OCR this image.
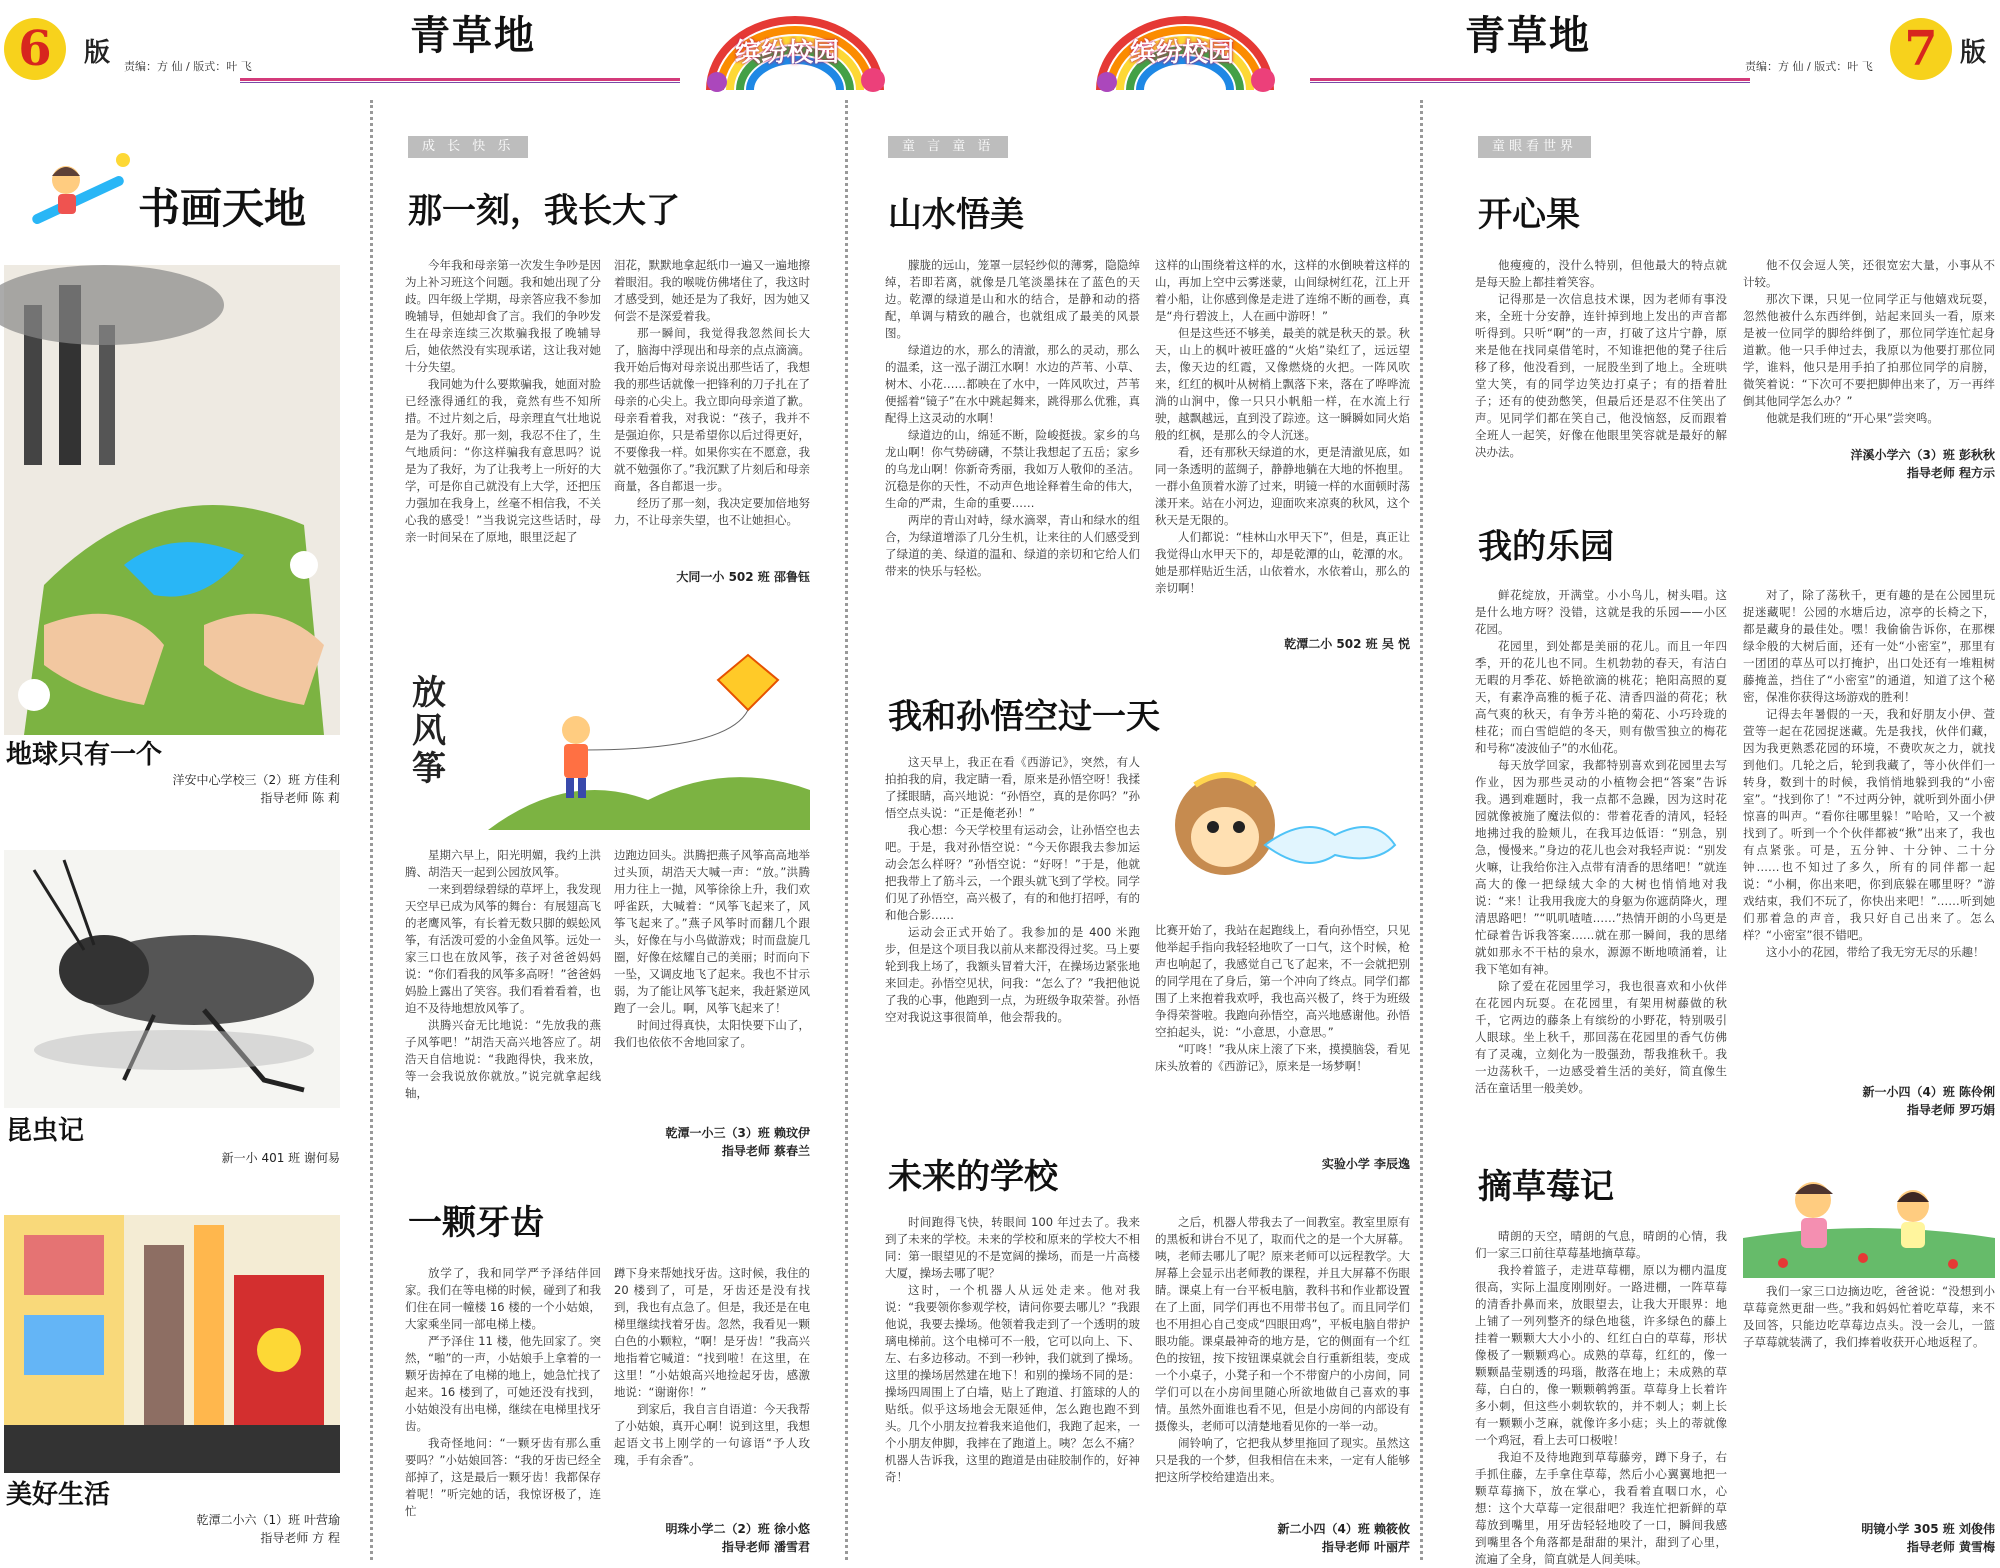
6	版 责编：方 仙 / 版式：叶 飞
青草地	缤纷校园	缤纷校园	青草地
责编：方 仙 / 版式：叶 飞 7 版
书画天地
地球只有一个
洋安中心学校三（2）班 方佳利
指导老师 陈 莉
昆虫记
新一小 401 班 谢何易
美好生活
乾潭二小六（1）班 叶营瑜
指导老师 方 程
成 长 快 乐
那一刻，我长大了

今年我和母亲第一次发生争吵是因为上补习班这个问题。我和她出现了分歧。四年级上学期，母亲答应我不参加晚辅导，但她却食了言。我们的争吵发生在母亲连续三次欺骗我报了晚辅导后，她依然没有实现承诺，这让我对她十分失望。

我同她为什么要欺骗我，她面对脸已经涨得通红的我，竟然有些不知所措。不过片刻之后，母亲理直气壮地说是为了我好。那一刻，我忍不住了，生气地质问：“你这样骗我有意思吗？说是为了我好，为了让我考上一所好的大学，可是你自己就没有上大学，还把压力强加在我身上，丝毫不相信我，不关心我的感受！”当我说完这些话时，母亲一时间呆在了原地，眼里泛起了

泪花，默默地拿起纸巾一遍又一遍地擦着眼泪。我的喉咙仿佛堵住了，我这时才感受到，她还是为了我好，因为她又何尝不是深爱着我。

那一瞬间，我觉得我忽然间长大了，脑海中浮现出和母亲的点点滴滴。我开始后悔对母亲说出那些话了，我想我的那些话就像一把锋利的刀子扎在了母亲的心尖上。我立即向母亲道了歉。母亲看着我，对我说：“孩子，我并不是强迫你，只是希望你以后过得更好，不要像我一样。如果你实在不愿意，我就不勉强你了。”我沉默了片刻后和母亲商量，各自都退一步。

经历了那一刻，我决定要加倍地努力，不让母亲失望，也不让她担心。

大同一小 502 班 邵鲁钰
放风筝

星期六早上，阳光明媚，我约上洪腾、胡浩天一起到公园放风筝。

一来到碧绿碧绿的草坪上，我发现天空早已成为风筝的舞台：有展翅高飞的老鹰风筝，有长着无数只脚的蜈蚣风筝，有活泼可爱的小金鱼风筝。远处一家三口也在放风筝，孩子对爸爸妈妈说：“你们看我的风筝多高呀！”爸爸妈妈脸上露出了笑容。我们看着看着，也迫不及待地想放风筝了。

洪腾兴奋无比地说：“先放我的燕子风筝吧！”胡浩天高兴地答应了。胡浩天自信地说：“我跑得快，我来放，等一会我说放你就放。”说完就拿起线轴，

边跑边回头。洪腾把燕子风筝高高地举过头顶，胡浩天大喊一声：“放。”洪腾用力往上一抛，风筝徐徐上升，我们欢呼雀跃，大喊着：“风筝飞起来了，风筝飞起来了。”燕子风筝时而翻几个跟头，好像在与小鸟做游戏；时而盘旋几圈，好像在炫耀自己的美丽；时而向下一坠，又调皮地飞了起来。我也不甘示弱，为了能让风筝飞起来，我赶紧逆风跑了一会儿。啊，风筝飞起来了！

时间过得真快，太阳快要下山了，我们也依依不舍地回家了。

乾潭一小三（3）班 赖玟伊
指导老师 蔡春兰
一颗牙齿

放学了，我和同学严予泽结伴回家。我们在等电梯的时候，碰到了和我们住在同一幢楼 16 楼的一个小姑娘，大家乘坐同一部电梯上楼。

严予泽住 11 楼，他先回家了。突然，“啪”的一声，小姑娘手上拿着的一颗牙齿掉在了电梯的地上，她急忙找了起来。16 楼到了，可她还没有找到，小姑娘没有出电梯，继续在电梯里找牙齿。

我奇怪地问：“一颗牙齿有那么重要吗？”小姑娘回答：“我的牙齿已经全部掉了，这是最后一颗牙齿！我都保存着呢！”听完她的话，我惊讶极了，连忙

蹲下身来帮她找牙齿。这时候，我住的 20 楼到了，可是，牙齿还是没有找到，我也有点急了。但是，我还是在电梯里继续找着牙齿。忽然，我看见一颗白色的小颗粒，“啊！是牙齿！”我高兴地指着它喊道：“找到啦！在这里，在这里！”小姑娘高兴地捡起牙齿，感激地说：“谢谢你！”

到家后，我自言自语道：今天我帮了小姑娘，真开心啊！说到这里，我想起语文书上刚学的一句谚语“予人玫瑰，手有余香”。

明珠小学二（2）班 徐小悠
指导老师 潘雪君
童 言 童 语
山水悟美

朦胧的远山，笼罩一层轻纱似的薄雾，隐隐绰绰，若即若离，就像是几笔淡墨抹在了蓝色的天边。乾潭的绿道是山和水的结合，是静和动的搭配，单调与精致的融合，也就组成了最美的风景图。

绿道边的水，那么的清澈，那么的灵动，那么的温柔，这一泓子湖江水啊！水边的芦苇、小草、树木、小花……都映在了水中，一阵风吹过，芦苇便摇着“镜子”在水中跳起舞来，跳得那么优雅，真配得上这灵动的水啊！

绿道边的山，绵延不断，险峻挺拔。家乡的乌龙山啊！你气势磅礴，不禁让我想起了五岳；家乡的乌龙山啊！你新奇秀丽，我如万人敬仰的圣洁。沉稳是你的天性，不动声色地诠释着生命的伟大，生命的严肃，生命的重要……

两岸的青山对峙，绿水滴翠，青山和绿水的组合，为绿道增添了几分生机，让来往的人们感受到了绿道的美、绿道的温和、绿道的亲切和它给人们带来的快乐与轻松。

这样的山围绕着这样的水，这样的水倒映着这样的山，再加上空中云雾迷蒙，山间绿树红花，江上开着小船，让你感到像是走进了连绵不断的画卷，真是“舟行碧波上，人在画中游呀！”

但是这些还不够美，最美的就是秋天的景。秋天，山上的枫叶被旺盛的“火焰”染红了，远远望去，像天边的红霞，又像燃烧的火把。一阵风吹来，红红的枫叶从树梢上飘落下来，落在了哗哗流淌的山涧中，像一只只小帆船一样，在水流上行驶，越飘越远，直到没了踪迹。这一瞬瞬如同火焰般的红枫，是那么的令人沉迷。

看，还有那秋天绿道的水，更是清澈见底，如同一条透明的蓝绸子，静静地躺在大地的怀抱里。一群小鱼顶着水游了过来，明镜一样的水面顿时荡漾开来。站在小河边，迎面吹来凉爽的秋风，这个秋天是无限的。

人们都说：“桂林山水甲天下”，但是，真正让我觉得山水甲天下的，却是乾潭的山，乾潭的水。她是那样贴近生活，山依着水，水依着山，那么的亲切啊！

乾潭二小 502 班 吴 悦
我和孙悟空过一天

这天早上，我正在看《西游记》，突然，有人拍拍我的肩，我定睛一看，原来是孙悟空呀！我揉了揉眼睛，高兴地说：“孙悟空，真的是你吗？”孙悟空点头说：“正是俺老孙！”

我心想：今天学校里有运动会，让孙悟空也去吧。于是，我对孙悟空说：“今天你跟我去参加运动会怎么样呀？”孙悟空说：“好呀！”于是，他就把我带上了筋斗云，一个跟头就飞到了学校。同学们见了孙悟空，高兴极了，有的和他打招呼，有的和他合影……

运动会正式开始了。我参加的是 400 米跑步，但是这个项目我以前从来都没得过奖。马上要轮到我上场了，我额头冒着大汗，在操场边紧张地来回走。孙悟空见状，问我：“怎么了？”我把他说了我的心事，他跑到一点，为班级争取荣誉。孙悟空对我说这事很简单，他会帮我的。

比赛开始了，我站在起跑线上，看向孙悟空，只见他举起手指向我轻轻地吹了一口气，这个时候，枪声也响起了，我感觉自己飞了起来，不一会就把别的同学甩在了身后，第一个冲向了终点。同学们都围了上来抱着我欢呼，我也高兴极了，终于为班级争得荣誉啦。我跑向孙悟空，高兴地感谢他。孙悟空拍起头，说：“小意思，小意思。”

“叮咚！”我从床上滚了下来，摸摸脑袋，看见床头放着的《西游记》，原来是一场梦啊！

实验小学 李辰逸
未来的学校

时间跑得飞快，转眼间 100 年过去了。我来到了未来的学校。未来的学校和原来的学校大不相同：第一眼望见的不是宽阔的操场，而是一片高楼大厦，操场去哪了呢？

这时，一个机器人从远处走来。他对我说：“我要领你参观学校，请问你要去哪儿？”我跟他说，我要去操场。他领着我走到了一个透明的玻璃电梯前。这个电梯可不一般，它可以向上、下、左、右多边移动。不到一秒钟，我们就到了操场。这里的操场居然建在地下！和别的操场不同的是：操场四周围上了白墙，贴上了跑道、打篮球的人的贴纸。似乎这场地会无限延伸，怎么跑也跑不到头。几个小朋友拉着我来追他们，我跑了起来，一个小朋友伸脚，我摔在了跑道上。咦？怎么不痛？机器人告诉我，这里的跑道是由硅胶制作的，好神奇！

之后，机器人带我去了一间教室。教室里原有的黑板和讲台不见了，取而代之的是一个大屏幕。咦，老师去哪儿了呢？原来老师可以远程教学。大屏幕上会显示出老师教的课程，并且大屏幕不伤眼睛。课桌上有一台平板电脑，教科书和作业都设置在了上面，同学们再也不用带书包了。而且同学们也不用担心自己变成“四眼田鸡”，平板电脑自带护眼功能。课桌最神奇的地方是，它的侧面有一个红色的按钮，按下按钮课桌就会自行重新组装，变成一个小桌子，小凳子和一个不带窗户的小房间，同学们可以在小房间里随心所欲地做自己喜欢的事情。虽然外面谁也看不见，但是小房间的内部设有摄像头，老师可以清楚地看见你的一举一动。

闹铃响了，它把我从梦里拖回了现实。虽然这只是我的一个梦，但我相信在未来，一定有人能够把这所学校给建造出来。

新二小四（4）班 赖筱攸
指导老师 叶丽芹
童眼看世界
开心果

他瘦瘦的，没什么特别，但他最大的特点就是每天脸上都挂着笑容。

记得那是一次信息技术课，因为老师有事没来，全班十分安静，连针掉到地上发出的声音都听得到。只听“啊”的一声，打破了这片宁静，原来是他在找同桌借笔时，不知谁把他的凳子往后移了移，他没看到，一屁股坐到了地上。全班哄堂大笑，有的同学边笑边打桌子；有的捂着肚子；还有的使劲憋笑，但最后还是忍不住笑出了声。见同学们都在笑自己，他没恼怒，反而跟着全班人一起笑，好像在他眼里笑容就是最好的解决办法。

他不仅会逗人笑，还很宽宏大量，小事从不计较。

那次下课，只见一位同学正与他嬉戏玩耍，忽然他被什么东西绊倒，站起来回头一看，原来是被一位同学的脚给绊倒了，那位同学连忙起身道歉。他一只手伸过去，我原以为他要打那位同学，谁料，他只是用手拍了拍那位同学的肩膀，微笑着说：“下次可不要把脚伸出来了，万一再绊倒其他同学怎么办？”

他就是我们班的“开心果”尝突鸣。

洋溪小学六（3）班 彭秋秋
指导老师 程方示
我的乐园

鲜花绽放，开满堂。小小鸟儿，树头唱。这是什么地方呀？没错，这就是我的乐园——小区花园。

花园里，到处都是美丽的花儿。而且一年四季，开的花儿也不同。生机勃勃的春天，有洁白无暇的月季花、娇艳欲滴的桃花；艳阳高照的夏天，有素净高雅的栀子花、清香四溢的荷花；秋高气爽的秋天，有争芳斗艳的菊花、小巧玲珑的桂花；而白雪皑皑的冬天，则有傲雪独立的梅花和号称“凌波仙子”的水仙花。

每天放学回家，我都特别喜欢到花园里去写作业，因为那些灵动的小植物会把“答案”告诉我。遇到难题时，我一点都不急躁，因为这时花园就像被施了魔法似的：带着花香的清风，轻轻地拂过我的脸颊儿，在我耳边低语：“别急，别急，慢慢来。”身边的花儿也会对我轻声说：“别发火嘛，让我给你注入点带有清香的思绪吧！”就连高大的像一把绿绒大伞的大树也悄悄地对我说：“来！让我用我庞大的身躯为你遮荫降火，理清思路吧！”“叽叽喳喳……”热情开朗的小鸟更是忙碌着告诉我答案……就在那一瞬间，我的思绪就如那永不干枯的泉水，源源不断地喷涌着，让我下笔如有神。

除了爱在花园里学习，我也很喜欢和小伙伴在花园内玩耍。在花园里，有架用树藤做的秋千，它两边的藤条上有缤纷的小野花，特别吸引人眼球。坐上秋千，那回荡在花园里的香气仿佛有了灵魂，立刻化为一股强劲，帮我推秋千。我一边荡秋千，一边感受着生活的美好，简直像生活在童话里一般美妙。

对了，除了荡秋千，更有趣的是在公园里玩捉迷藏呢！公园的水塘后边，凉亭的长椅之下，都是藏身的最佳处。嘿！我偷偷告诉你，在那棵绿伞般的大树后面，还有一处“小密室”，那里有一团团的草丛可以打掩护，出口处还有一堆粗树藤掩盖，挡住了“小密室”的通道，知道了这个秘密，保准你获得这场游戏的胜利！

记得去年暑假的一天，我和好朋友小伊、萱萱等一起在花园捉迷藏。先是我找，伙伴们藏，因为我更熟悉花园的环境，不费吹灰之力，就找到他们。几轮之后，轮到我藏了，等小伙伴们一转身，数到十的时候，我悄悄地躲到我的“小密室”。“找到你了！”不过两分钟，就听到外面小伊惊喜的叫声。“看你往哪里躲！”哈哈，又一个被找到了。听到一个个伙伴都被“揪”出来了，我也有点紧张。可是，五分钟、十分钟、二十分钟……也不知过了多久，所有的同伴都一起说：“小桐，你出来吧，你到底躲在哪里呀？”游戏结束，我们不玩了，你快出来吧！”……听到她们那着急的声音，我只好自己出来了。怎么样？“小密室”很不错吧。

这小小的花园，带给了我无穷无尽的乐趣！

新一小四（4）班 陈伶俐
指导老师 罗巧娟
摘草莓记

晴朗的天空，晴朗的气息，晴朗的心情，我们一家三口前往草莓基地摘草莓。

我拎着篮子，走进草莓棚，原以为棚内温度很高，实际上温度刚刚好。一路进棚，一阵草莓的清香扑鼻而来，放眼望去，让我大开眼界：地上铺了一列列整齐的绿色地毯，许多绿色的藤上挂着一颗颗大大小小的、红红白白的草莓，形状像极了一颗颗鸡心。成熟的草莓，红红的，像一颗颗晶莹剔透的玛瑙，散落在地上；未成熟的草莓，白白的，像一颗颗鹌鹑蛋。草莓身上长着许多小刺，但这些小刺软软的，并不刺人；刺上长有一颗颗小芝麻，就像许多小痣；头上的蒂就像一个鸡冠，看上去可口极啦！

我迫不及待地跑到草莓藤旁，蹲下身子，右手抓住藤，左手拿住草莓，然后小心翼翼地把一颗草莓摘下，放在掌心，我看着直咽口水，心想：这个大草莓一定很甜吧？我连忙把新鲜的草莓放到嘴里，用牙齿轻轻地咬了一口，瞬间我感到嘴里各个角落都是甜甜的果汁，甜到了心里，流遍了全身，简直就是人间美味。

我们一家三口边摘边吃，爸爸说：“没想到小草莓竟然更甜一些。”我和妈妈忙着吃草莓，来不及回答，只能边吃草莓边点头。没一会儿，一篮子草莓就装满了，我们捧着收获开心地返程了。

明镜小学 305 班 刘俊伟
指导老师 黄雪梅
